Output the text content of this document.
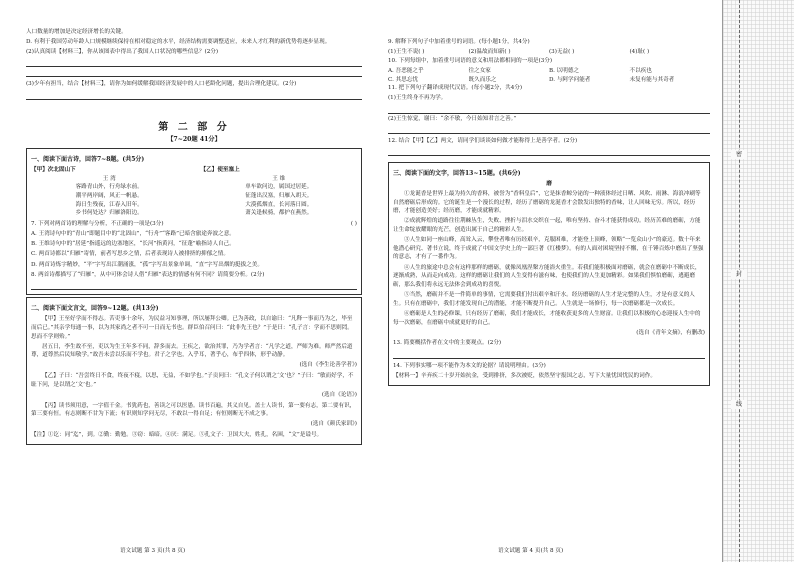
人口数量的增加是决定经济增长的关键。
D. 有利于我国劳动年龄人口规模继续保持在相对稳定的水平，经济结构需要调整适应，未来人才红利的新优势将逐步显现。
(2)认真阅读【材料三】，你从该图表中得出了我国人口状况的哪些信息？(2分)
(3)少年有担当，结合【材料三】，请你为如何缓解我国经济发展中的人口老龄化问题，提出合理化建议。(2分)
第 二 部 分
【7~20题 41分】
一、阅读下面古诗，回答7~8题。(共5分)
【甲】次北固山下
王 湾
客路青山外，行舟绿水前。
潮平两岸阔，风正一帆悬。
海日生残夜，江春入旧年。
乡书何处达？归雁洛阳边。
【乙】使至塞上
王 维
单车欲问边，属国过居延。
征蓬出汉塞，归雁入胡天。
大漠孤烟直，长河落日圆。
萧关逢候骑，都护在燕然。
7. 下列对两首诗的理解与分析，不正确的一项是(3分)	( )
A. 王湾诗句中的“青山”即题目中的“北固山”，“行舟”“客路”已暗含旅途奔波之意。
B. 王维诗句中的“居延”指遥远的边塞地区，“长河”指黄河，“征蓬”喻指诗人自己。
C. 两首诗都以“归雁”寄情，前者写思乡之情，后者表现诗人被排挤的抑郁之情。
D. 两首诗炼字精妙，“平”字写出江潮涌涨，“孤”字写出景象单调，“直”字写出烟的挺拔之美。
8. 两首诗都描写了“归雁”，从中可体会诗人借“归雁”表达的情感有何不同？请简要分析。(2分)
二、阅读下面文言文，回答9~12题。(共13分)
【甲】王至好学而不得志。苦吏事十余年，为民益习知事理，所以屡拜公卿。已为善政，以自谕曰：“凡释一事而乃为之，毕至而后已。”其亲学每通一事，以为其家尚之者不可一日而无书也。群臣伯召问曰：“此非先王也？”于是曰：“孔子言：学而不思则罔。思而不学则殆。”
居五日，李生故不至，吏以为生王年多不同，辞多而去。王疾之，欲治其罪，乃为学者言：“凡学之道，严师为难。师严然后道尊，道尊然后民知敬学。”故吾未尝以乐而不学也。君子之学也，入乎耳，著乎心，布乎四体，形乎动静。
(选自《李生论善学者》)
【乙】子曰：“吾尝终日不食，终夜不寝，以思，无益，不如学也。”子贡问曰：“孔文子何以谓之‘文’也？”子曰：“敏而好学，不耻下问，是以谓之‘文’也。”
(选自《论语》)
【丙】读书须用意，一字值千金。书犹药也，善读之可以医愚。读书百遍，其义自见。盖士人读书，第一要有志，第二要有识，第三要有恒。有志则断不甘为下流；有识则知学问无尽，不敢以一得自足；有恒则断无不成之事。
(选自《颜氏家训》)
【注】①讫：同“迄”，到。②勤：勤勉。③窃：暗暗。④厌：满足。⑤孔文子：卫国大夫，姓孔，名圉，“文”是谥号。
语文试题 第 3 页(共 8 页)
9. 解释下列句子中加着重号的词语。(每小题1分，共4分)
(1)王生不说( )	(2)温故而知新( )	(3)无益( )	(4)耻( )
10. 下列每组中，加着重号词语的意义和用法都相同的一项是(3分)
A. 吾恶能之乎	往之女家	B. 以明德之	不以疾也
C. 其思忘忧	既久而乐之	D. 与阿学问能者	未复有能与其奇者
11. 把下列句子翻译成现代汉语。(每小题2分，共4分)
(1)王生终身不再为学。
(2)王生惊觉，谢曰：“余不敏，今日始知君言之善。”
12. 结合【甲】【乙】两文，请同学们谈谈如何做才能称得上是善学者。(2分)
三、阅读下面的文字，回答13~15题。(共6分)
磨
①龙诞香是世界上最为持久的香料，被誉为“香料皇后”，它是抹香鲸分泌的一种液体经过日晒、风吹、雨淋、海浪冲刷等自然磨砺后形成的。它的诞生是一个漫长的过程，经历了磨砺的龙涎香才会散发出独特的香味，让人回味无穷。所以，经历磨，才能创造美好；经历磨，才能成就精彩。
②成就辉煌的道路往往荆棘丛生，失败、挫折与泪水交织在一起，唯有坚持、奋斗才能获得成功。经历苦难的磨砺，方能让生命绽放耀眼的光芒，创造出属于自己的精彩人生。
③人生如同一座山峰，高耸入云，攀登者唯有历经艰辛，克服困难，才能登上顶峰，领略“一览众山小”的豪迈。数十年来他潜心研究、著书立说，终于成就了中国文学史上的一部巨著《红楼梦》。有的人面对困境坚持不懈，在千锤百炼中磨出了坚强的意志，才有了一番作为。
④人生的旅途中总会有这样那样的磨砺，就像凤凰涅槃方能浴火重生。若我们能积极面对磨砺，就会在磨砺中不断成长，逐渐成熟，从而走向成功。这样的磨砺让我们的人生变得有滋有味，也使我们的人生更加精彩。如果我们惧怕磨砺，逃避磨砺，那么我们将永远无法体会到成功的喜悦。
⑤当然，磨砺并不是一件简单的事情，它需要我们付出艰辛和汗水。经历磨砺的人生才是完整的人生，才是有意义的人生。只有在磨砺中，我们才能发现自己的潜能，才能不断提升自己。人生就是一场修行，每一次磨砺都是一次成长。
⑥磨砺是人生的必修课，只有经历了磨砺，我们才能成长，才能收获更多的人生财富。让我们以积极的心态迎接人生中的每一次磨砺，在磨砺中成就更好的自己。
(选自《青年文摘》，有删改)
13. 简要概括作者在文中的主要观点。(2分)
14. 下列事实哪一项不能作为本文的论据？请说明理由。(3分)
【材料一】辛弃疾二十岁开始抗金，受到排挤，多次被贬，依然坚守报国之志，写下大量忧国忧民的词作。
语文试题 第 4 页(共 8 页)
密
封
线
